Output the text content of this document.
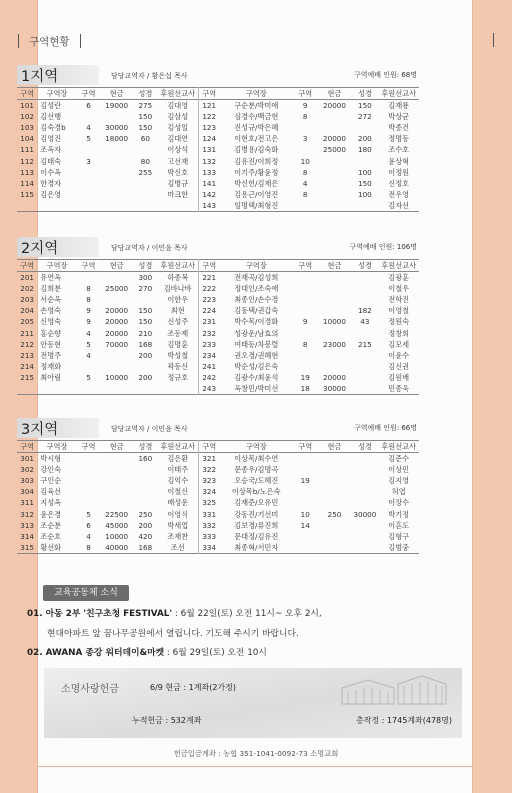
구역현황
1지역	담당교역자 / 황은섭 목사	구역예배 인원: 68명
구역	구역장	구역	현금	성경	후원선교사	구역	구역장	구역	현금	성경	후원선교사
101	김성란	6	19000	275	김대영	121	구순분/박미애	9	20000	150	김재룡
102	김선행			150	김삼성	122	심경수/백금현	8		272	박상균
103	김숙경b	4	30000	150	김성일	123	진성규/박은혜				박종건
104	김영진	5	18000	60	김대연	124	이현호/전고은	3	20000	200	정명동
111	조옥자				이상석	131	김병용/김숙화		25000	180	조수호
112	김태숙	3		80	고선재	132	김유진/이희정	10			윤상혁
113	이수옥			255	박신호	133	이기주/황윤정	8		100	이정원
114	한경자				김병규	141	박신헌/김재은	4		150	신정호
115	김은영				마크한	142	김용근/이영진	8		100	전우영
						143	임명택/최형진				김자선
2지역	담당교역자 / 이민음 목사	구역예배 인원: 106명
구역	구역장	구역	현금	성경	후원선교사	구역	구역장	구역	현금	성경	후원선교사
201	유연옥			300	하종복	221	전재곡/김성희				김광훈
202	김희분	8	25000	270	김바나바	222	정대인/조숙애				이철우
203	서순옥	8			이한우	223	최종인/손수경				전학진
204	손영숙	9	20000	150	최현	224	김동택/권갑숙			182	이영철
205	신영숙	9	20000	150	신성주	231	박수목/이경화	9	10000	43	정원숙
211	홍순향	4	20000	210	조동제	232	성광운/남효의				정창희
212	안동현	5	70000	168	김명훈	233	여태동/차봉렬	8	23000	215	김모세
213	전명주	4		200	박성철	234	권오경/권혜현				이윤수
214	정재화				곽동신	241	박순성/김은숙				김신권
215	최아림	5	10000	200	정규호	242	김광수/최윤석	19	20000		김원배
						243	옥창민/박미선	18	30000		민종욱
3지역	담당교역자 / 이민음 목사	구역예배 인원: 66명
구역	구역장	구역	현금	성경	후원선교사	구역	구역장	구역	현금	성경	후원선교사
301	박시형			160	김은환	321	이상목/최수연				김준수
302	강인숙				이태주	322	문종우/김명곡				이상민
303	구인순				김억수	323	오승국/도혜진	19			김지영
304	김육선				이철신	324	이상목b/노은숙				허엽
311	지성옥				배성운	325	김재준/오유민				이장수
312	윤은경	5	22500	250	이영식	331	강동진/기선미	10	250	30000	박기정
313	조순분	6	45000	200	박세업	332	김보경/류진희	14			이흔도
314	조순호	4	10000	420	조재찬	333	문대정/김유진				김형구
315	황선화	8	40000	168	조선	334	최종혁/서민자				김범중
교육공동체 소식
01. 아동 2부 '친구초청 FESTIVAL' : 6월 22일(토) 오전 11시~ 오후 2시,
현대아파트 앞 꿈나무공원에서 열립니다. 기도해 주시기 바랍니다.
02. AWANA 종강 워터데이&마켓 : 6월 29일(토) 오전 10시
소명사랑헌금	6/9 현금 : 1계좌(2가정)
누적헌금 : 532계좌	총작정 : 1745계좌(478명)
헌금입금계좌 : 농협 351-1041-0092-73 소명교회
